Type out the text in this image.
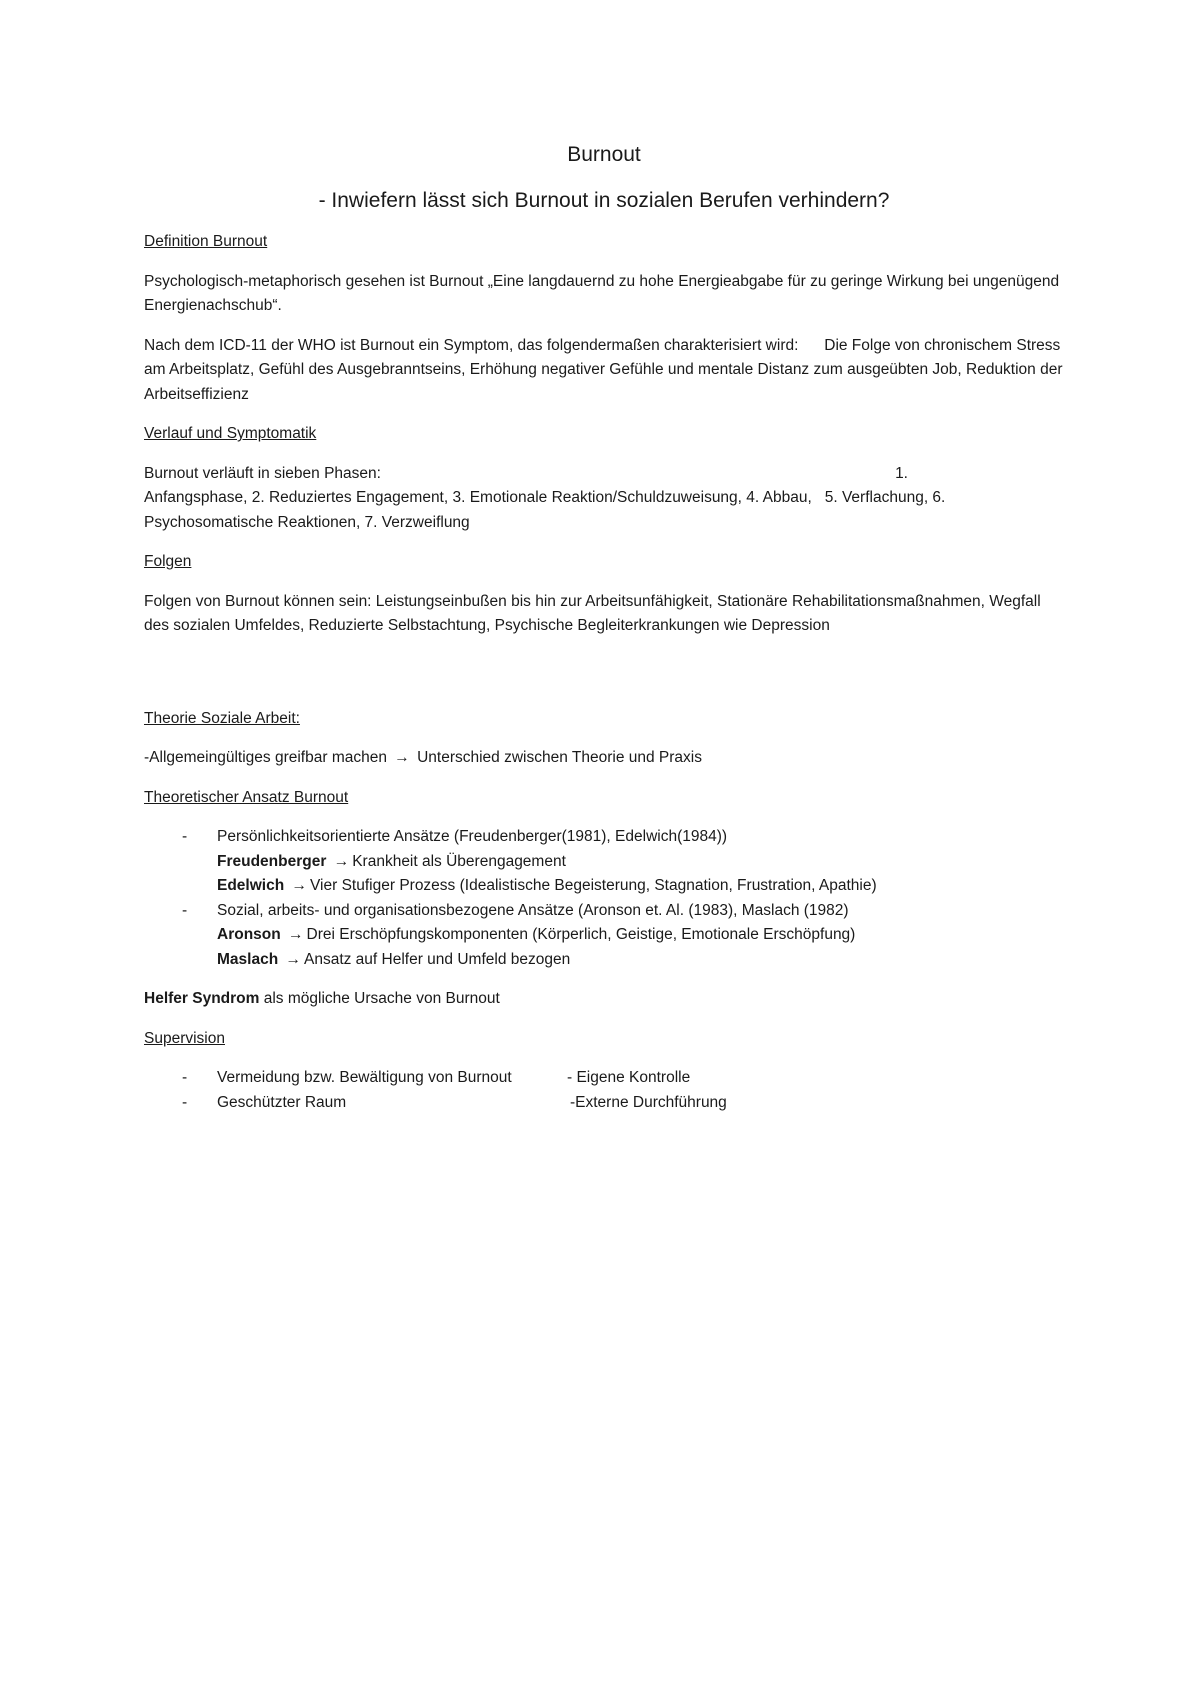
Burnout
- Inwiefern lässt sich Burnout in sozialen Berufen verhindern?
Definition Burnout
Psychologisch-metaphorisch gesehen ist Burnout „Eine langdauernd zu hohe Energieabgabe für zu geringe Wirkung bei ungenügend Energienachschub“.
Nach dem ICD-11 der WHO ist Burnout ein Symptom, das folgendermaßen charakterisiert wird:      Die Folge von chronischem Stress am Arbeitsplatz, Gefühl des Ausgebranntseins, Erhöhung negativer Gefühle und mentale Distanz zum ausgeübten Job, Reduktion der Arbeitseffizienz
Verlauf und Symptomatik
Burnout verläuft in sieben Phasen:	1.
Anfangsphase, 2. Reduziertes Engagement, 3. Emotionale Reaktion/Schuldzuweisung, 4. Abbau,   5. Verflachung, 6. Psychosomatische Reaktionen, 7. Verzweiflung
Folgen
Folgen von Burnout können sein: Leistungseinbußen bis hin zur Arbeitsunfähigkeit, Stationäre Rehabilitationsmaßnahmen, Wegfall des sozialen Umfeldes, Reduzierte Selbstachtung, Psychische Begleiterkrankungen wie Depression
Theorie Soziale Arbeit:
-Allgemeingültiges greifbar machen → Unterschied zwischen Theorie und Praxis
Theoretischer Ansatz Burnout
- Persönlichkeitsorientierte Ansätze (Freudenberger(1981), Edelwich(1984))
Freudenberger → Krankheit als Überengagement
Edelwich → Vier Stufiger Prozess (Idealistische Begeisterung, Stagnation, Frustration, Apathie)
- Sozial, arbeits- und organisationsbezogene Ansätze (Aronson et. Al. (1983), Maslach (1982)
Aronson → Drei Erschöpfungskomponenten (Körperlich, Geistige, Emotionale Erschöpfung)
Maslach → Ansatz auf Helfer und Umfeld bezogen
Helfer Syndrom als mögliche Ursache von Burnout
Supervision
- Vermeidung bzw. Bewältigung von Burnout	- Eigene Kontrolle
- Geschützter Raum	-Externe Durchführung
